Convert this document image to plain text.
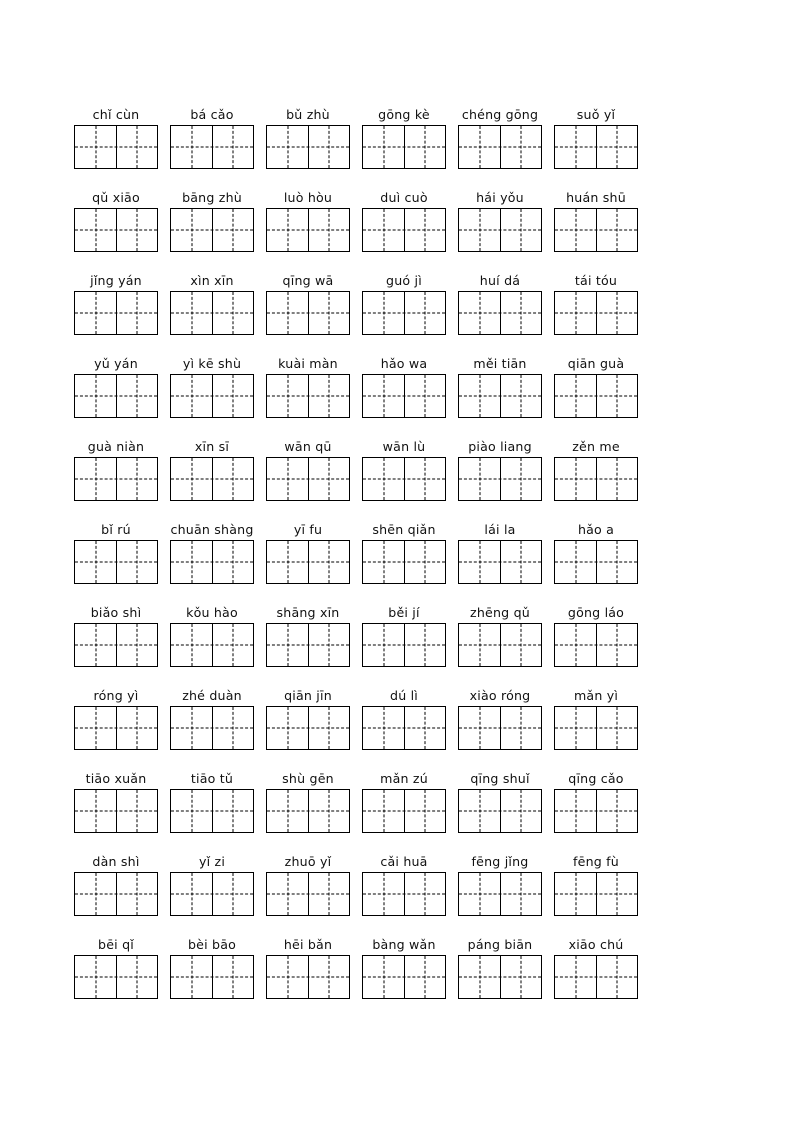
chǐ cùn	bá cǎo	bǔ zhù	gōng kè	chéng gōng	suǒ yǐ
qǔ xiāo	bāng zhù	luò hòu	duì cuò	hái yǒu	huán shū
jǐng yán	xìn xīn	qīng wā	guó jì	huí dá	tái tóu
yǔ yán	yì kē shù	kuài màn	hǎo wa	měi tiān	qiān guà
guà niàn	xīn sī	wān qū	wān lù	piào liang	zěn me
bǐ rú	chuān shàng	yī fu	shēn qiǎn	lái la	hǎo a
biǎo shì	kǒu hào	shāng xīn	běi jí	zhēng qǔ	gōng láo
róng yì	zhé duàn	qiān jīn	dú lì	xiào róng	mǎn yì
tiāo xuǎn	tiāo tǔ	shù gēn	mǎn zú	qīng shuǐ	qīng cǎo
dàn shì	yǐ zi	zhuō yǐ	cǎi huā	fēng jǐng	fēng fù
bēi qǐ	bèi bāo	hēi bǎn	bàng wǎn	páng biān	xiāo chú
